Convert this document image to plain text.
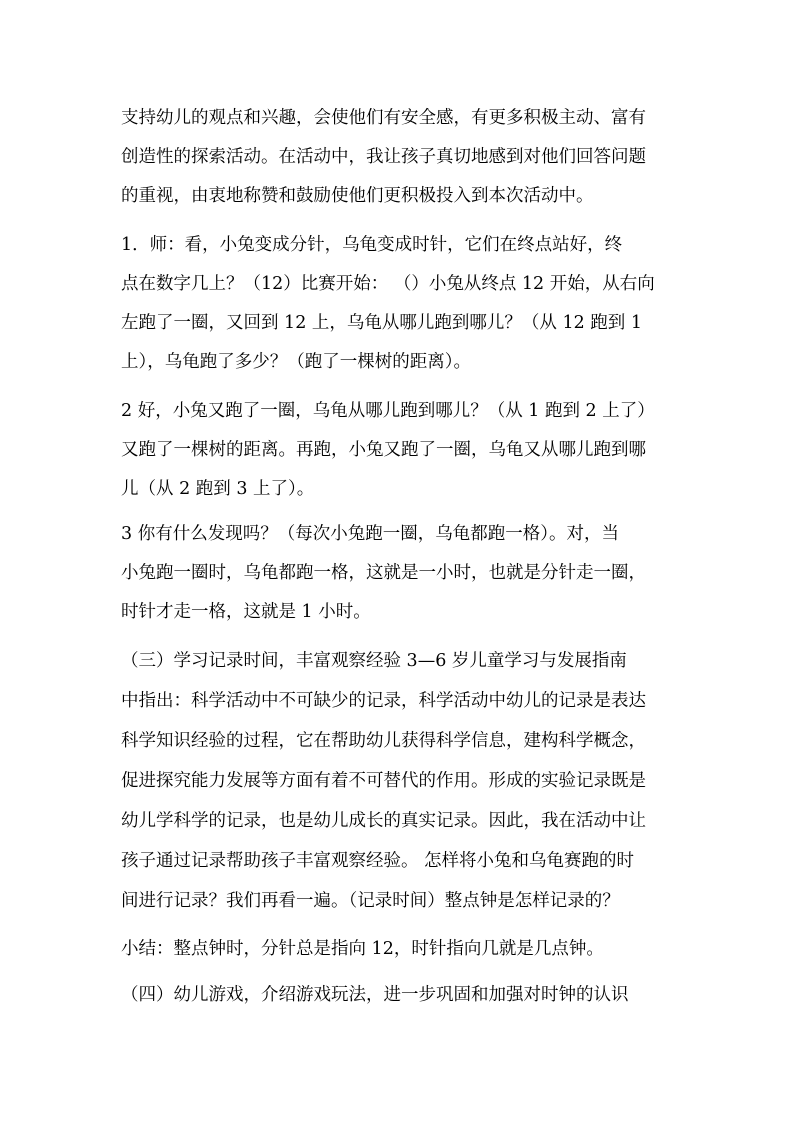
支持幼儿的观点和兴趣，会使他们有安全感，有更多积极主动、富有
创造性的探索活动。在活动中，我让孩子真切地感到对他们回答问题
的重视，由衷地称赞和鼓励使他们更积极投入到本次活动中。
1．师：看，小兔变成分针，乌龟变成时针，它们在终点站好，终
点在数字几上？（12）比赛开始： （）小兔从终点 12 开始，从右向
左跑了一圈，又回到 12 上，乌龟从哪儿跑到哪儿？（从 12 跑到 1
上），乌龟跑了多少？（跑了一棵树的距离）。
2 好，小兔又跑了一圈，乌龟从哪儿跑到哪儿？（从 1 跑到 2 上了）
又跑了一棵树的距离。再跑，小兔又跑了一圈，乌龟又从哪儿跑到哪
儿（从 2 跑到 3 上了）。
3 你有什么发现吗？（每次小兔跑一圈，乌龟都跑一格）。对，当
小兔跑一圈时，乌龟都跑一格，这就是一小时，也就是分针走一圈，
时针才走一格，这就是 1 小时。
（三）学习记录时间，丰富观察经验 3—6 岁儿童学习与发展指南
中指出：科学活动中不可缺少的记录，科学活动中幼儿的记录是表达
科学知识经验的过程，它在帮助幼儿获得科学信息，建构科学概念，
促进探究能力发展等方面有着不可替代的作用。形成的实验记录既是
幼儿学科学的记录，也是幼儿成长的真实记录。因此，我在活动中让
孩子通过记录帮助孩子丰富观察经验。 怎样将小兔和乌龟赛跑的时
间进行记录？我们再看一遍。（记录时间）整点钟是怎样记录的？
小结：整点钟时，分针总是指向 12，时针指向几就是几点钟。
（四）幼儿游戏，介绍游戏玩法，进一步巩固和加强对时钟的认识
